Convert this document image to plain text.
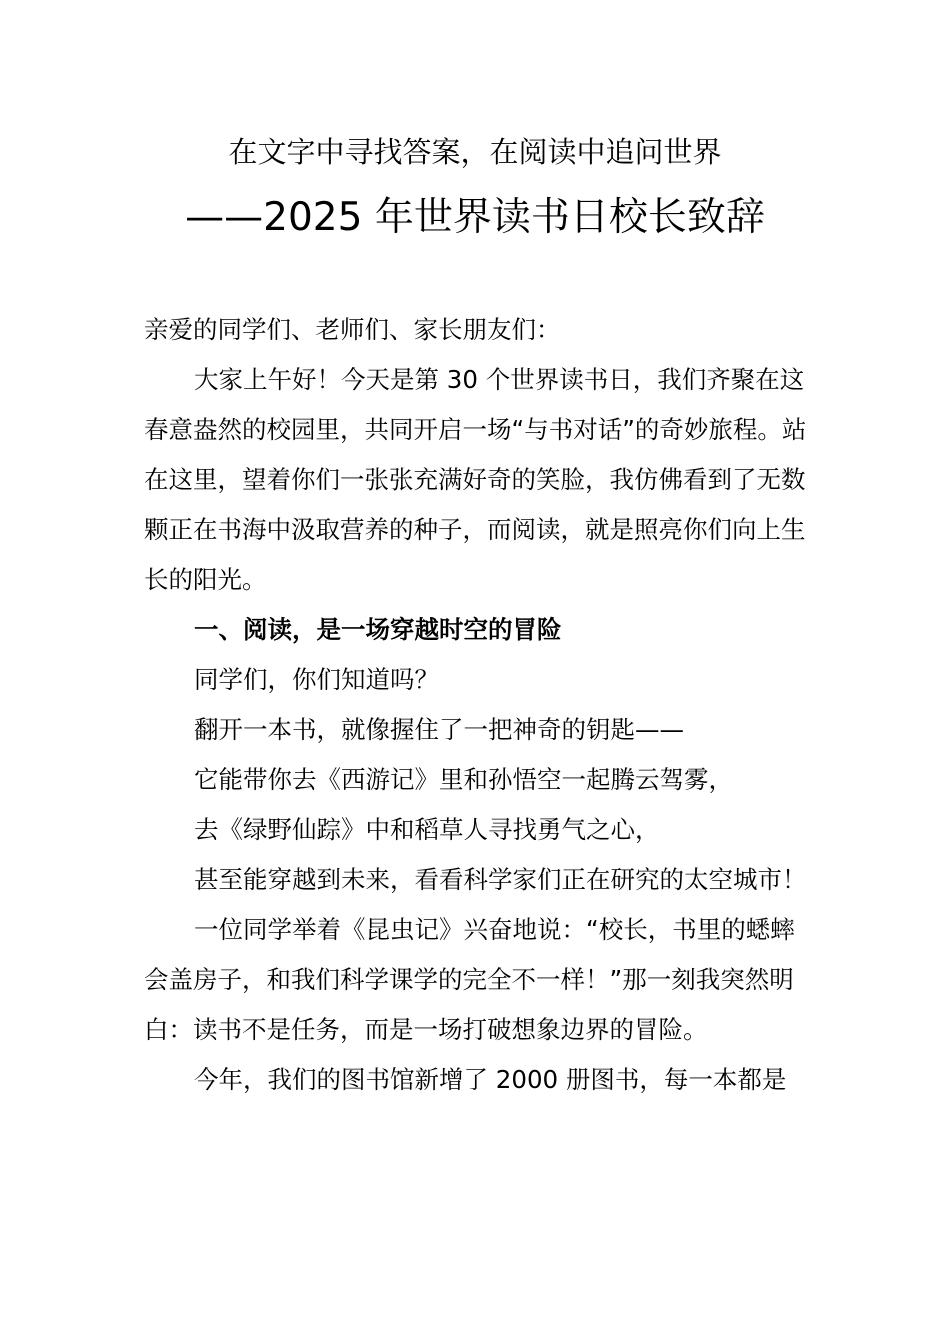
在文字中寻找答案，在阅读中追问世界
——2025 年世界读书日校长致辞

亲爱的同学们、老师们、家长朋友们：

大家上午好！今天是第 30 个世界读书日，我们齐聚在这春意盎然的校园里，共同开启一场“与书对话”的奇妙旅程。站在这里，望着你们一张张充满好奇的笑脸，我仿佛看到了无数颗正在书海中汲取营养的种子，而阅读，就是照亮你们向上生长的阳光。

一、阅读，是一场穿越时空的冒险

同学们，你们知道吗？

翻开一本书，就像握住了一把神奇的钥匙——

它能带你去《西游记》里和孙悟空一起腾云驾雾，

去《绿野仙踪》中和稻草人寻找勇气之心，

甚至能穿越到未来，看看科学家们正在研究的太空城市！

一位同学举着《昆虫记》兴奋地说：“校长，书里的蟋蟀会盖房子，和我们科学课学的完全不一样！”那一刻我突然明白：读书不是任务，而是一场打破想象边界的冒险。

今年，我们的图书馆新增了 2000 册图书，每一本都是
